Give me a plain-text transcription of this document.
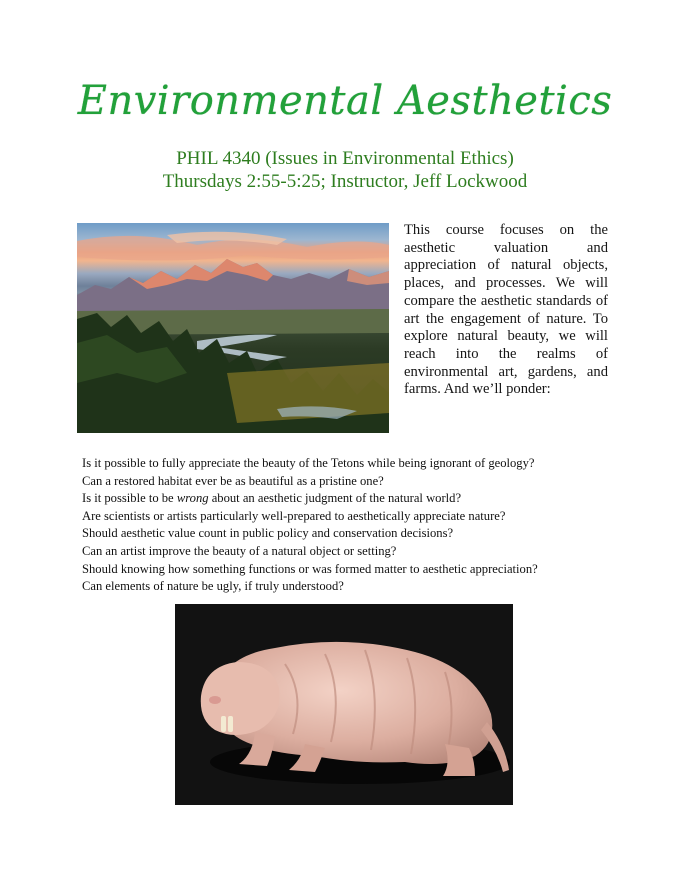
Environmental Aesthetics
PHIL 4340 (Issues in Environmental Ethics)
Thursdays 2:55-5:25; Instructor, Jeff Lockwood
This course focuses on the aesthetic valuation and appreciation of natural objects, places, and processes. We will compare the aesthetic standards of art the engagement of nature. To explore natural beauty, we will reach into the realms of environmental art, gardens, and farms. And we’ll ponder:
Is it possible to fully appreciate the beauty of the Tetons while being ignorant of geology?
Can a restored habitat ever be as beautiful as a pristine one?
Is it possible to be wrong about an aesthetic judgment of the natural world?
Are scientists or artists particularly well-prepared to aesthetically appreciate nature?
Should aesthetic value count in public policy and conservation decisions?
Can an artist improve the beauty of a natural object or setting?
Should knowing how something functions or was formed matter to aesthetic appreciation?
Can elements of nature be ugly, if truly understood?
